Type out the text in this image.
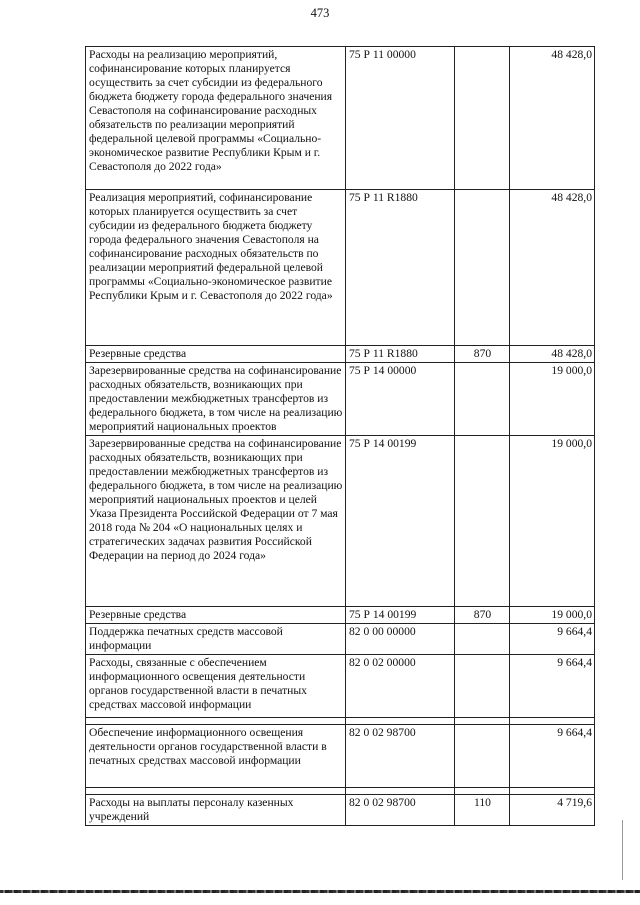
473
Расходы на реализацию мероприятий, софинансирование которых планируется осуществить за счет субсидии из федерального бюджета бюджету города федерального значения Севастополя на софинансирование расходных обязательств по реализации мероприятий федеральной целевой программы «Социально-экономическое развитие Республики Крым и г. Севастополя до 2022 года»	75 Р 11 00000		48 428,0
Реализация мероприятий, софинансирование которых планируется осуществить за счет субсидии из федерального бюджета бюджету города федерального значения Севастополя на софинансирование расходных обязательств по реализации мероприятий федеральной целевой программы «Социально-экономическое развитие Республики Крым и г. Севастополя до 2022 года»	75 Р 11 R1880		48 428,0
Резервные средства	75 Р 11 R1880	870	48 428,0
Зарезервированные средства на софинансирование расходных обязательств, возникающих при предоставлении межбюджетных трансфертов из федерального бюджета, в том числе на реализацию мероприятий национальных проектов	75 Р 14 00000		19 000,0
Зарезервированные средства на софинансирование расходных обязательств, возникающих при предоставлении межбюджетных трансфертов из федерального бюджета, в том числе на реализацию мероприятий национальных проектов и целей Указа Президента Российской Федерации от 7 мая 2018 года № 204 «О национальных целях и стратегических задачах развития Российской Федерации на период до 2024 года»	75 Р 14 00199		19 000,0
Резервные средства	75 Р 14 00199	870	19 000,0
Поддержка печатных средств массовой информации	82 0 00 00000		9 664,4
Расходы, связанные с обеспечением информационного освещения деятельности органов государственной власти в печатных средствах массовой информации	82 0 02 00000		9 664,4

Обеспечение информационного освещения деятельности органов государственной власти в печатных средствах массовой информации	82 0 02 98700		9 664,4

Расходы на выплаты персоналу казенных учреждений	82 0 02 98700	110	4 719,6
